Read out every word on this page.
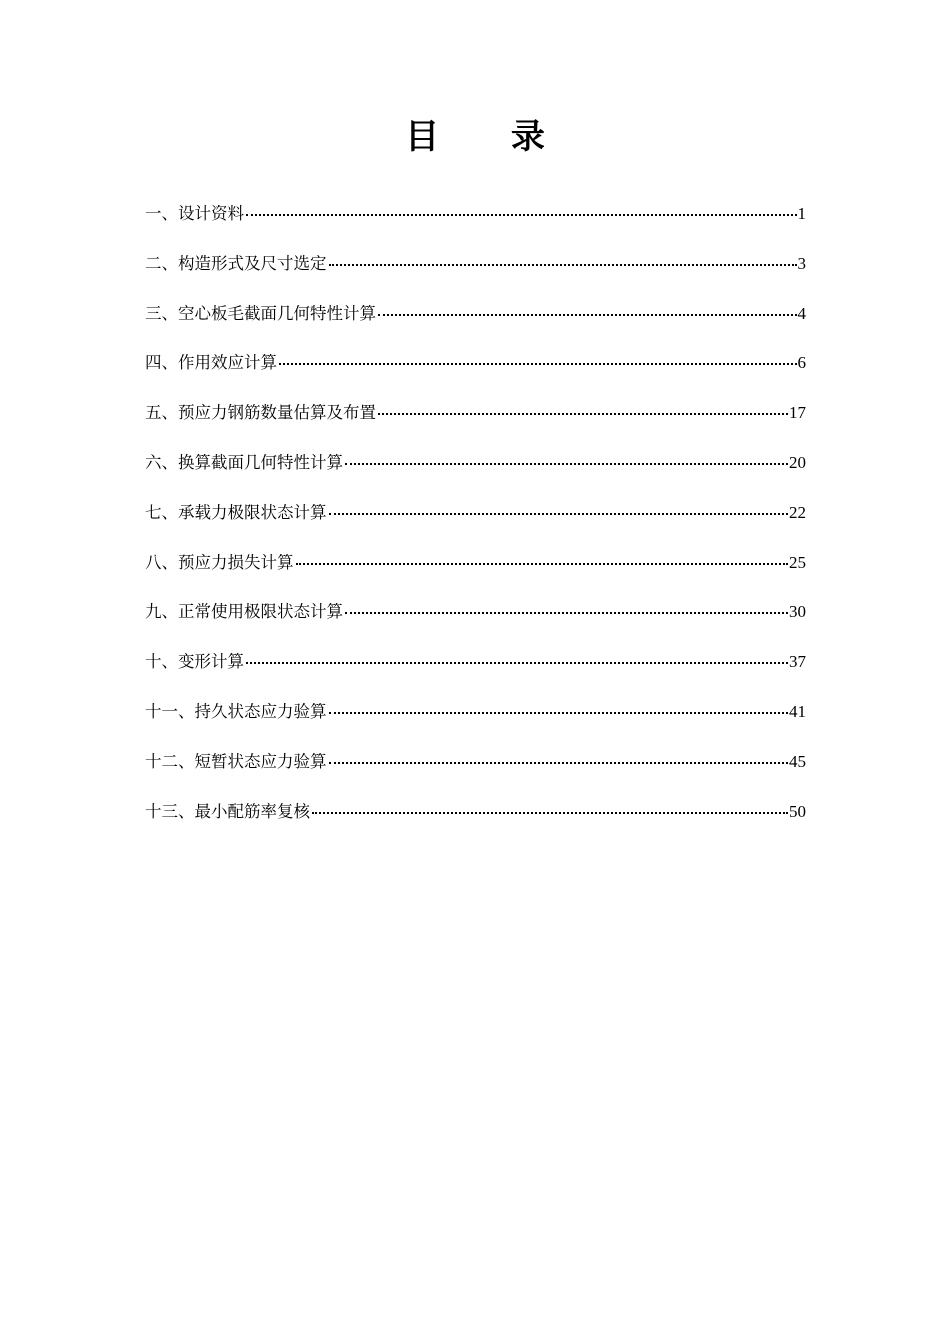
目 录
一、设计资料	1
二、构造形式及尺寸选定	3
三、空心板毛截面几何特性计算	4
四、作用效应计算	6
五、预应力钢筋数量估算及布置	17
六、换算截面几何特性计算	20
七、承载力极限状态计算	22
八、预应力损失计算	25
九、正常使用极限状态计算	30
十、变形计算	37
十一、持久状态应力验算	41
十二、短暂状态应力验算	45
十三、最小配筋率复核	50
